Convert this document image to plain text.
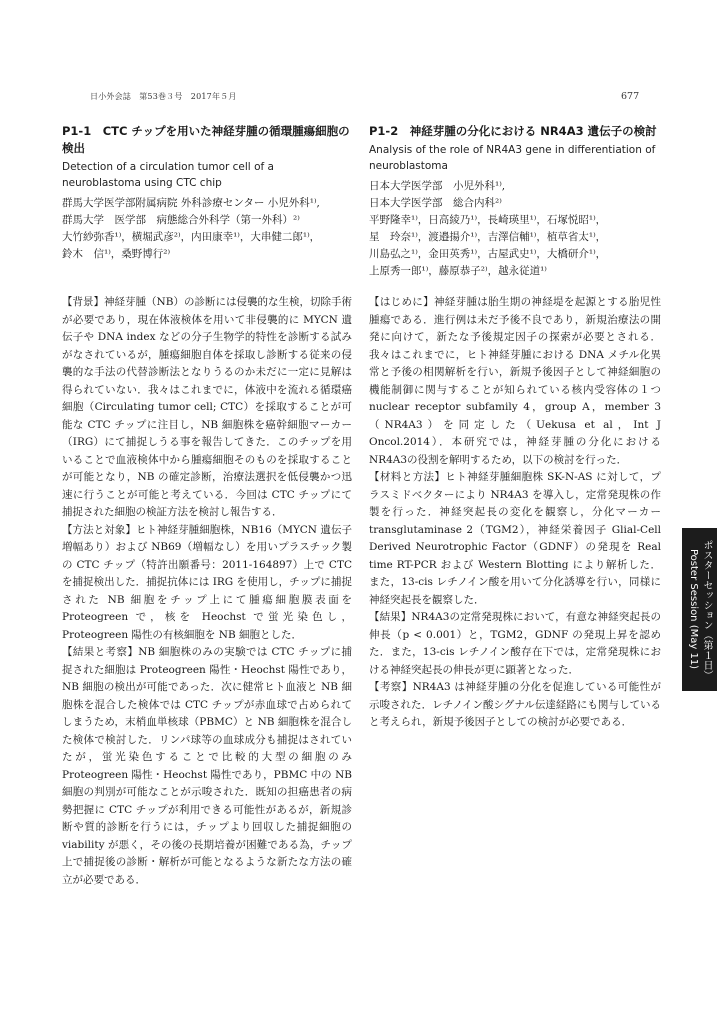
日小外会誌　第53巻３号　2017年５月	677

P1-1　CTC チップを用いた神経芽腫の循環腫瘍細胞の検出

Detection of a circulation tumor cell of a neuroblastoma using CTC chip

群馬大学医学部附属病院 外科診療センター 小児外科¹⁾,

群馬大学　医学部　病態総合外科学（第一外科）²⁾

大竹紗弥香¹⁾，横堀武彦²⁾，内田康幸¹⁾，大串健二郎¹⁾，

鈴木　信¹⁾，桑野博行²⁾

P1-2　神経芽腫の分化における NR4A3 遺伝子の検討

Analysis of the role of NR4A3 gene in differentiation of neuroblastoma

日本大学医学部　小児外科¹⁾,

日本大学医学部　総合内科²⁾

平野隆幸¹⁾，日高綾乃¹⁾，長崎瑛里¹⁾，石塚悦昭¹⁾，

星　玲奈¹⁾，渡邉揚介¹⁾，吉澤信輔¹⁾，植草省太¹⁾，

川島弘之¹⁾，金田英秀¹⁾，古屋武史¹⁾，大橋研介¹⁾，

上原秀一郎¹⁾，藤原恭子²⁾，越永従道¹⁾

【背景】神経芽腫（NB）の診断には侵襲的な生検，切除手術が必要であり，現在体液検体を用いて非侵襲的に MYCN 遺伝子や DNA index などの分子生物学的特性を診断する試みがなされているが，腫瘍細胞自体を採取し診断する従来の侵襲的な手法の代替診断法となりうるのか未だに一定に見解は得られていない．我々はこれまでに，体液中を流れる循環癌細胞（Circulating tumor cell; CTC）を採取することが可能な CTC チップに注目し，NB 細胞株を癌幹細胞マーカー（IRG）にて捕捉しうる事を報告してきた．このチップを用いることで血液検体中から腫瘍細胞そのものを採取することが可能となり，NB の確定診断，治療法選択を低侵襲かつ迅速に行うことが可能と考えている．今回は CTC チップにて捕捉された細胞の検証方法を検討し報告する．

【方法と対象】ヒト神経芽腫細胞株，NB16（MYCN 遺伝子増幅あり）および NB69（増幅なし）を用いプラスチック製の CTC チップ（特許出願番号：2011-164897）上で CTC を捕捉検出した．捕捉抗体には IRG を使用し，チップに捕捉された NB 細胞をチップ上にて腫瘍細胞膜表面を Proteogreen で，核を Heochst で蛍光染色し，Proteogreen 陽性の有核細胞を NB 細胞とした．

【結果と考察】NB 細胞株のみの実験では CTC チップに捕捉された細胞は Proteogreen 陽性・Heochst 陽性であり，NB 細胞の検出が可能であった．次に健常ヒト血液と NB 細胞株を混合した検体では CTC チップが赤血球で占められてしまうため，末梢血単核球（PBMC）と NB 細胞株を混合した検体で検討した．リンパ球等の血球成分も捕捉はされていたが，蛍光染色することで比較的大型の細胞のみ Proteogreen 陽性・Heochst 陽性であり，PBMC 中の NB 細胞の判別が可能なことが示唆された．既知の担癌患者の病勢把握に CTC チップが利用できる可能性があるが，新規診断や質的診断を行うには，チップより回収した捕捉細胞の viability が悪く，その後の長期培養が困難である為，チップ上で捕捉後の診断・解析が可能となるような新たな方法の確立が必要である．

【はじめに】神経芽腫は胎生期の神経堤を起源とする胎児性腫瘍である．進行例は未だ予後不良であり，新規治療法の開発に向けて，新たな予後規定因子の探索が必要とされる．我々はこれまでに，ヒト神経芽腫における DNA メチル化異常と予後の相関解析を行い，新規予後因子として神経細胞の機能制御に関与することが知られている核内受容体の１つ nuclear receptor subfamily 4，group A，member 3（NR4A3）を同定した（Uekusa et al，Int J Oncol.2014）．本研究では，神経芽腫の分化における NR4A3の役割を解明するため，以下の検討を行った．

【材料と方法】ヒト神経芽腫細胞株 SK-N-AS に対して，プラスミドベクターにより NR4A3 を導入し，定常発現株の作製を行った．神経突起長の変化を観察し，分化マーカー transglutaminase 2（TGM2），神経栄養因子 Glial-Cell Derived Neurotrophic Factor（GDNF）の発現を Real time RT-PCR および Western Blotting により解析した．また，13-cis レチノイン酸を用いて分化誘導を行い，同様に神経突起長を観察した．

【結果】NR4A3の定常発現株において，有意な神経突起長の伸長（p < 0.001）と，TGM2，GDNF の発現上昇を認めた．また，13-cis レチノイン酸存在下では，定常発現株における神経突起長の伸長が更に顕著となった．

【考察】NR4A3 は神経芽腫の分化を促進している可能性が示唆された．レチノイン酸シグナル伝達経路にも関与していると考えられ，新規予後因子としての検討が必要である．

ポスターセッション（第１日）
Poster Session (May 11)
